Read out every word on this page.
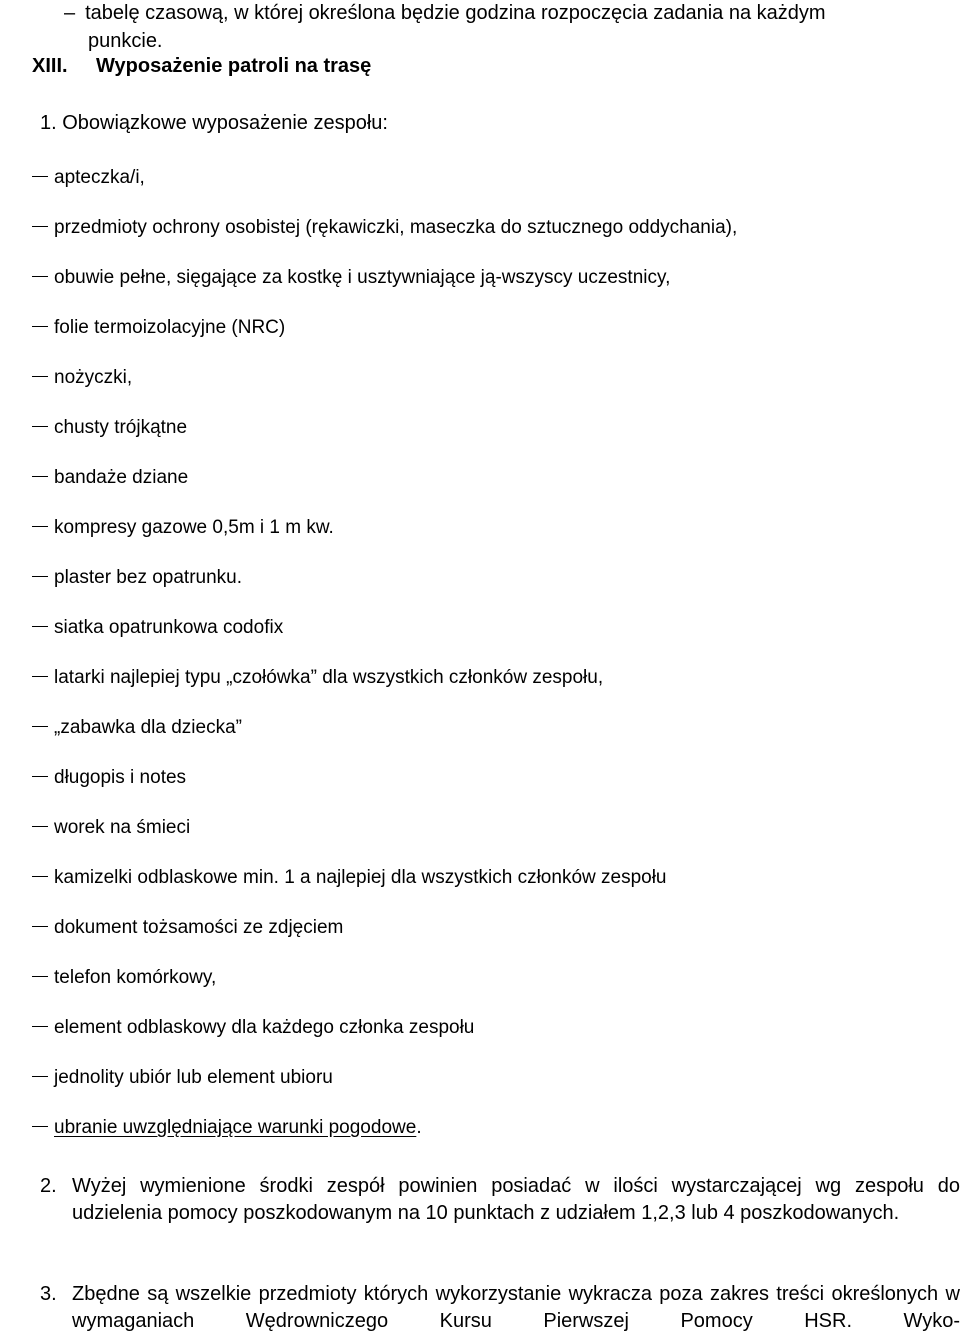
– tabelę czasową, w której określona będzie godzina rozpoczęcia zadania na każdym
punkcie.
XIII. Wyposażenie patroli na trasę
1. Obowiązkowe wyposażenie zespołu:
apteczka/i,
przedmioty ochrony osobistej (rękawiczki, maseczka do sztucznego oddychania),
obuwie pełne, sięgające za kostkę i usztywniające ją-wszyscy uczestnicy,
folie termoizolacyjne (NRC)
nożyczki,
chusty trójkątne
bandaże dziane
kompresy gazowe 0,5m i 1 m kw.
plaster bez opatrunku.
siatka opatrunkowa codofix
latarki najlepiej typu „czołówka” dla wszystkich członków zespołu,
„zabawka dla dziecka”
długopis i notes
worek na śmieci
kamizelki odblaskowe min. 1 a najlepiej dla wszystkich członków zespołu
dokument tożsamości ze zdjęciem
telefon komórkowy,
element odblaskowy dla każdego członka zespołu
jednolity ubiór lub element ubioru
ubranie uwzględniające warunki pogodowe.
2. Wyżej wymienione środki zespół powinien posiadać w ilości wystarczającej wg zespołu do udzielenia pomocy poszkodowanym na 10 punktach z udziałem 1,2,3 lub 4 poszkodowanych.
3. Zbędne są wszelkie przedmioty których wykorzystanie wykracza poza zakres treści określonych w wymaganiach Wędrowniczego Kursu Pierwszej Pomocy HSR. Wyko-
